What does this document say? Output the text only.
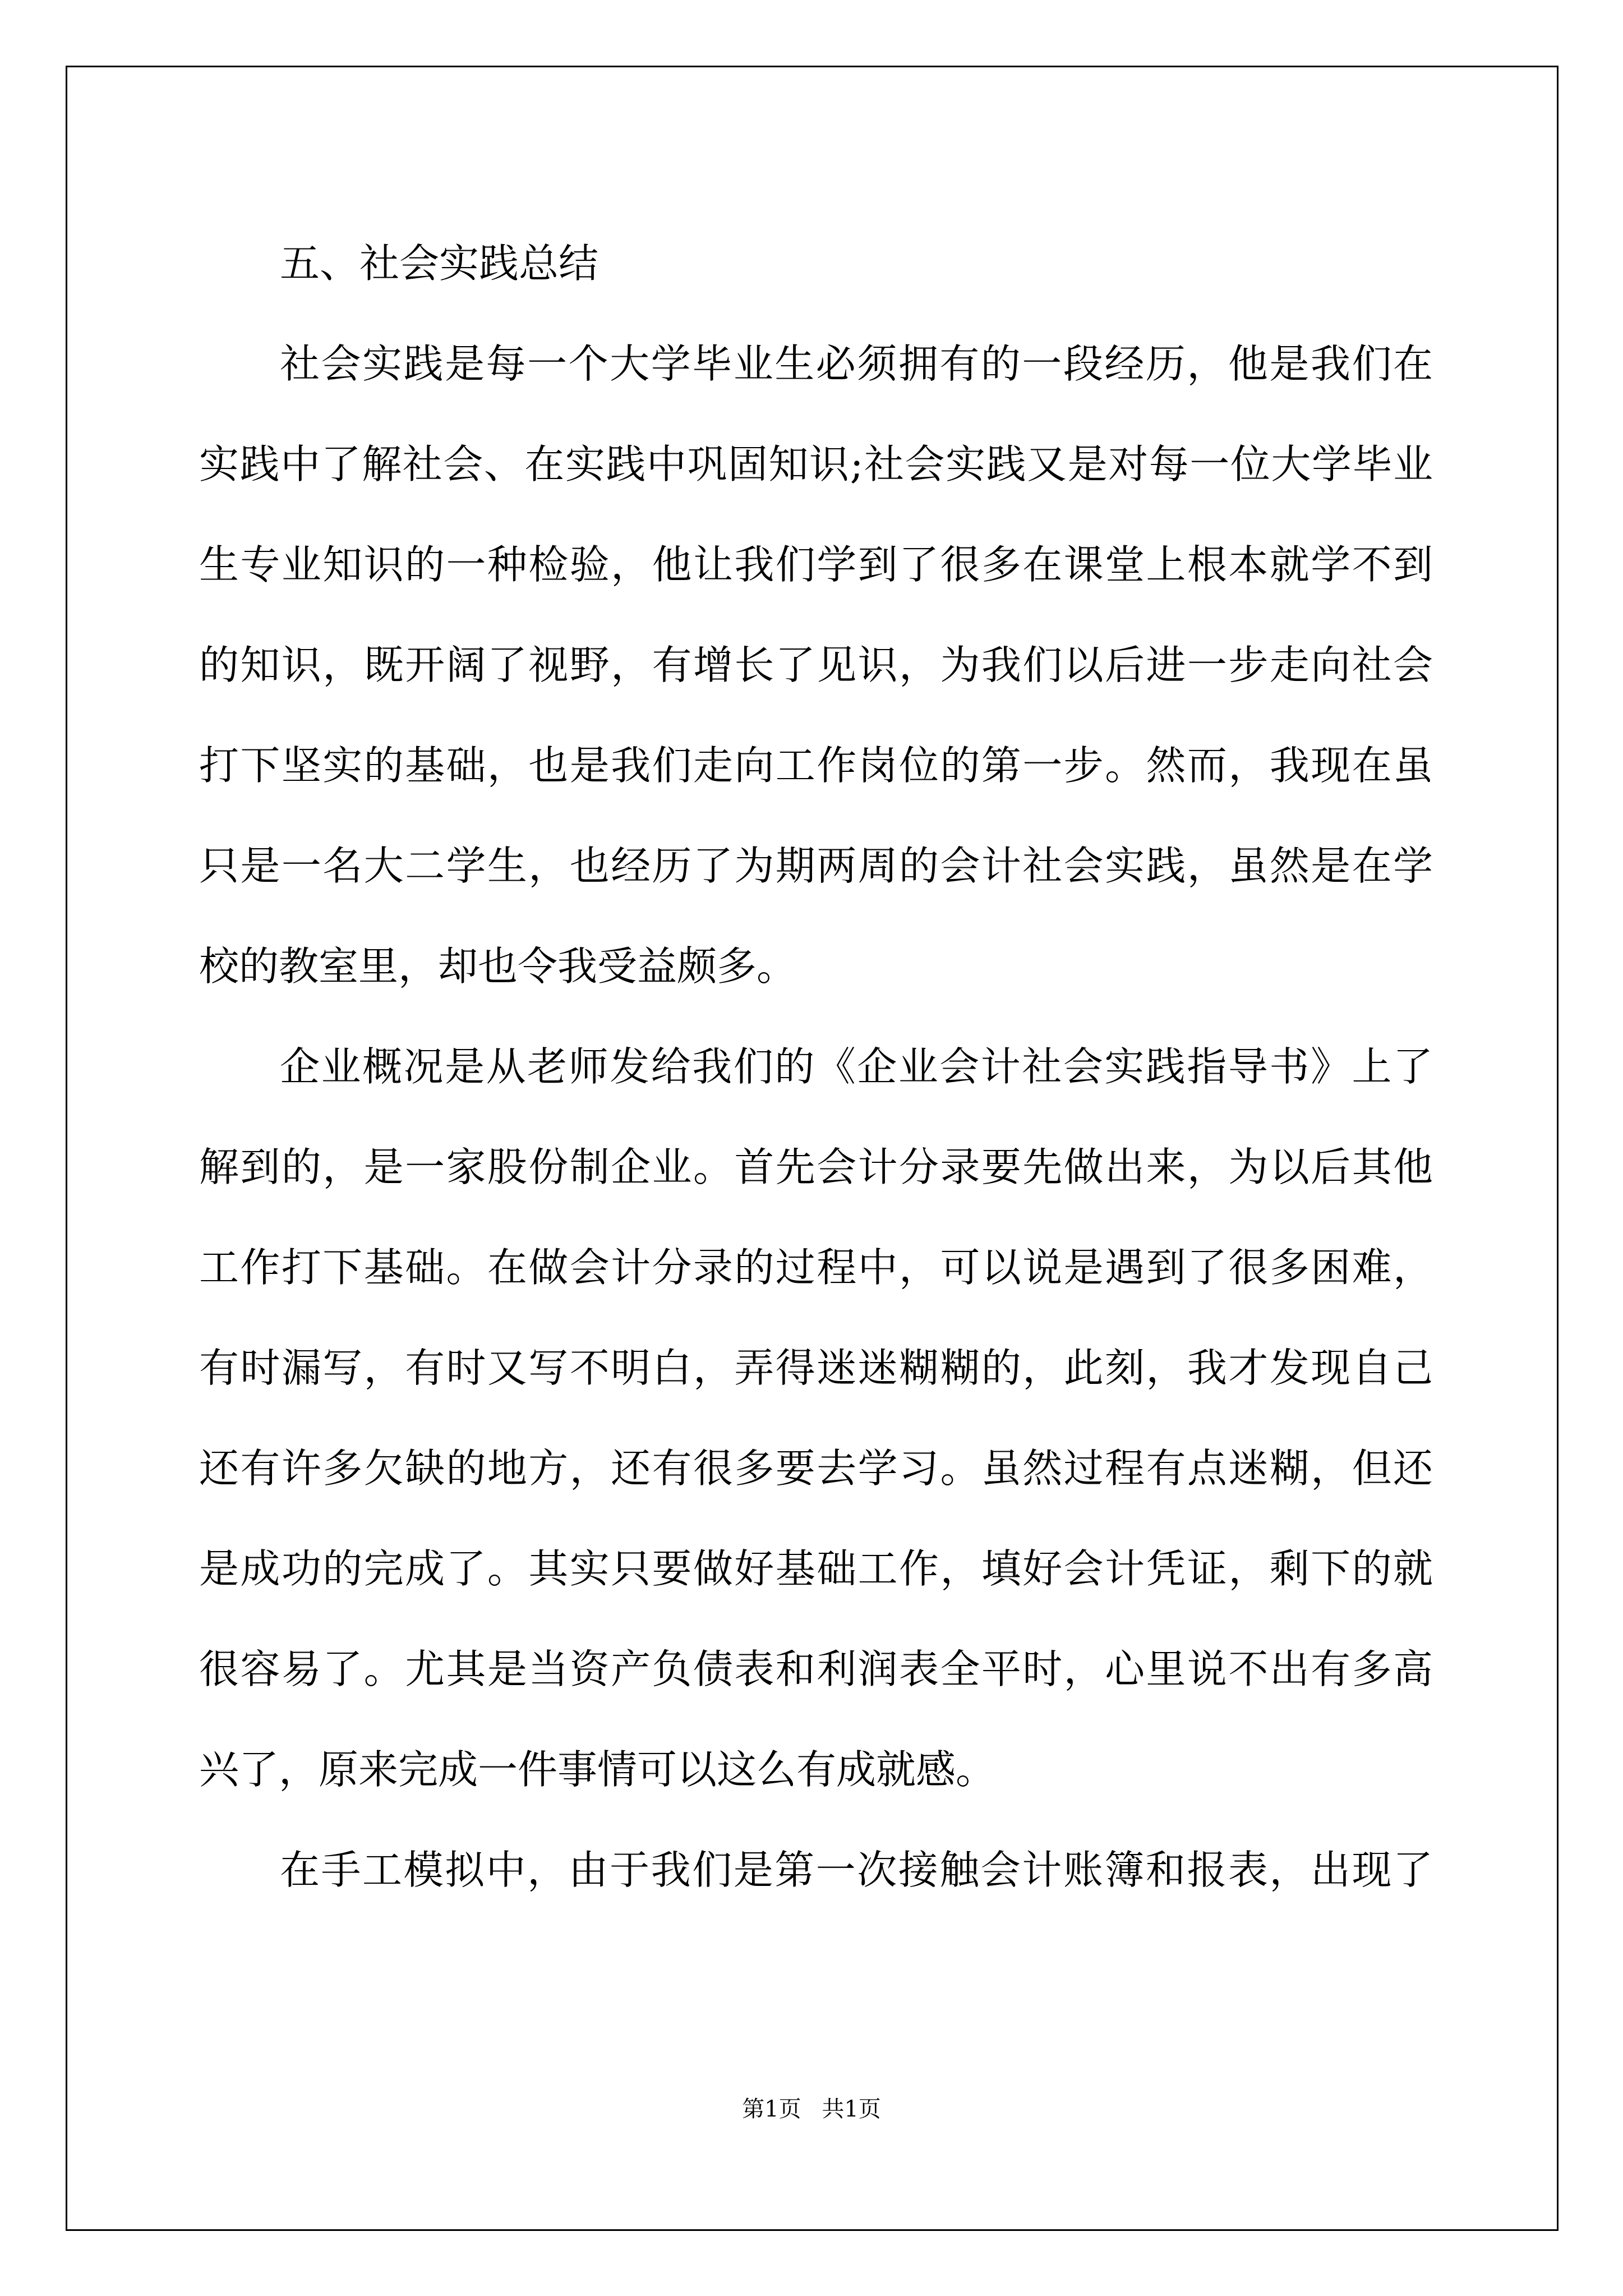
五、社会实践总结
社会实践是每一个大学毕业生必须拥有的一段经历，他是我们在
实践中了解社会、在实践中巩固知识;社会实践又是对每一位大学毕业
生专业知识的一种检验，他让我们学到了很多在课堂上根本就学不到
的知识，既开阔了视野，有增长了见识，为我们以后进一步走向社会
打下坚实的基础，也是我们走向工作岗位的第一步。然而，我现在虽
只是一名大二学生，也经历了为期两周的会计社会实践，虽然是在学
校的教室里，却也令我受益颇多。
企业概况是从老师发给我们的《企业会计社会实践指导书》上了
解到的，是一家股份制企业。首先会计分录要先做出来，为以后其他
工作打下基础。在做会计分录的过程中，可以说是遇到了很多困难，
有时漏写，有时又写不明白，弄得迷迷糊糊的，此刻，我才发现自己
还有许多欠缺的地方，还有很多要去学习。虽然过程有点迷糊，但还
是成功的完成了。其实只要做好基础工作，填好会计凭证，剩下的就
很容易了。尤其是当资产负债表和利润表全平时，心里说不出有多高
兴了，原来完成一件事情可以这么有成就感。
在手工模拟中，由于我们是第一次接触会计账簿和报表，出现了
第1页 共1页
